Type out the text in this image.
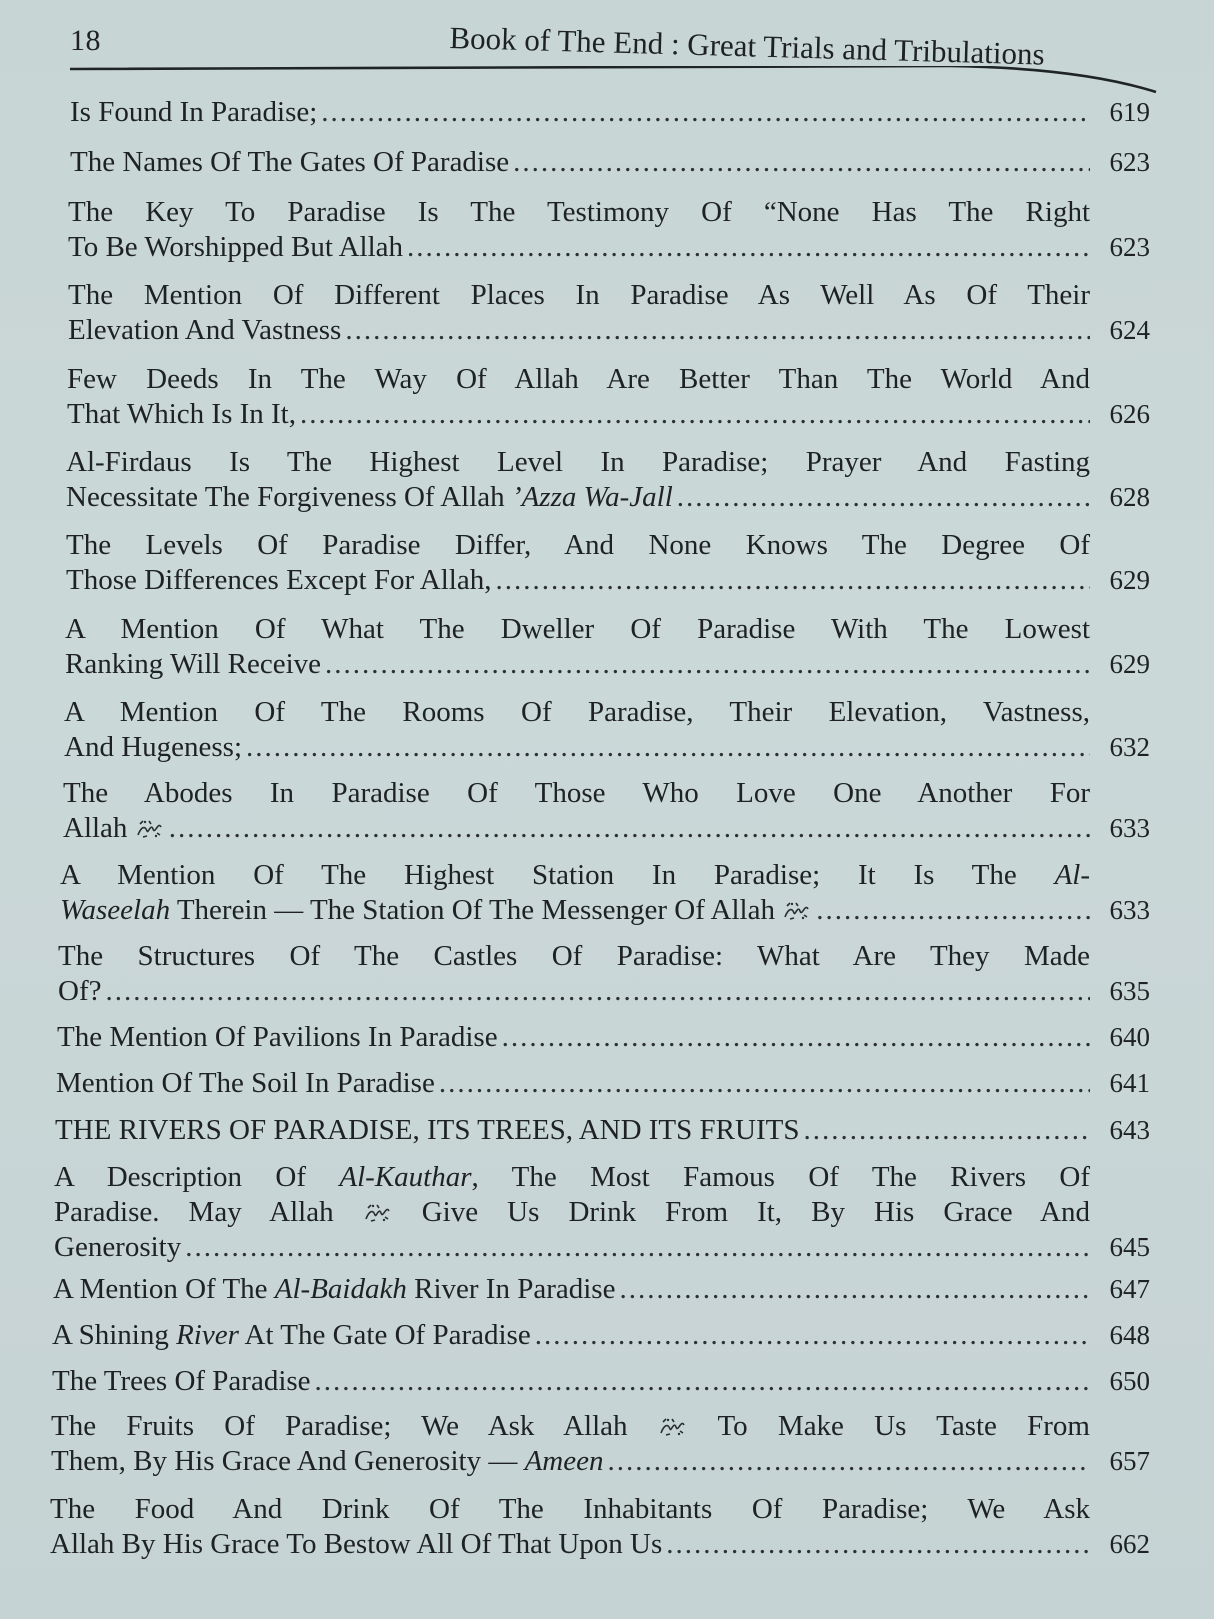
18	Book of The End : Great Trials and Tribulations
Is Found In Paradise; .....	619
The Names Of The Gates Of Paradise .....	623
The Key To Paradise Is The Testimony Of “None Has The Right
To Be Worshipped But Allah .....	623
The Mention Of Different Places In Paradise As Well As Of Their
Elevation And Vastness .....	624
Few Deeds In The Way Of Allah Are Better Than The World And
That Which Is In It, .....	626
Al-Firdaus Is The Highest Level In Paradise; Prayer And Fasting
Necessitate The Forgiveness Of Allah ’Azza Wa-Jall .....	628
The Levels Of Paradise Differ, And None Knows The Degree Of
Those Differences Except For Allah, .....	629
A Mention Of What The Dweller Of Paradise With The Lowest
Ranking Will Receive .....	629
A Mention Of The Rooms Of Paradise, Their Elevation, Vastness,
And Hugeness; .....	632
The Abodes In Paradise Of Those Who Love One Another For
Allah .....	633
A Mention Of The Highest Station In Paradise; It Is The Al-
Waseelah Therein — The Station Of The Messenger Of Allah .....	633
The Structures Of The Castles Of Paradise: What Are They Made
Of? .....	635
The Mention Of Pavilions In Paradise .....	640
Mention Of The Soil In Paradise .....	641
THE RIVERS OF PARADISE, ITS TREES, AND ITS FRUITS .....	643
A Description Of Al-Kauthar, The Most Famous Of The Rivers Of
Paradise. May Allah  Give Us Drink From It, By His Grace And
Generosity .....	645
A Mention Of The Al-Baidakh River In Paradise .....	647
A Shining River At The Gate Of Paradise .....	648
The Trees Of Paradise .....	650
The Fruits Of Paradise; We Ask Allah  To Make Us Taste From
Them, By His Grace And Generosity — Ameen .....	657
The Food And Drink Of The Inhabitants Of Paradise; We Ask
Allah By His Grace To Bestow All Of That Upon Us .....	662
